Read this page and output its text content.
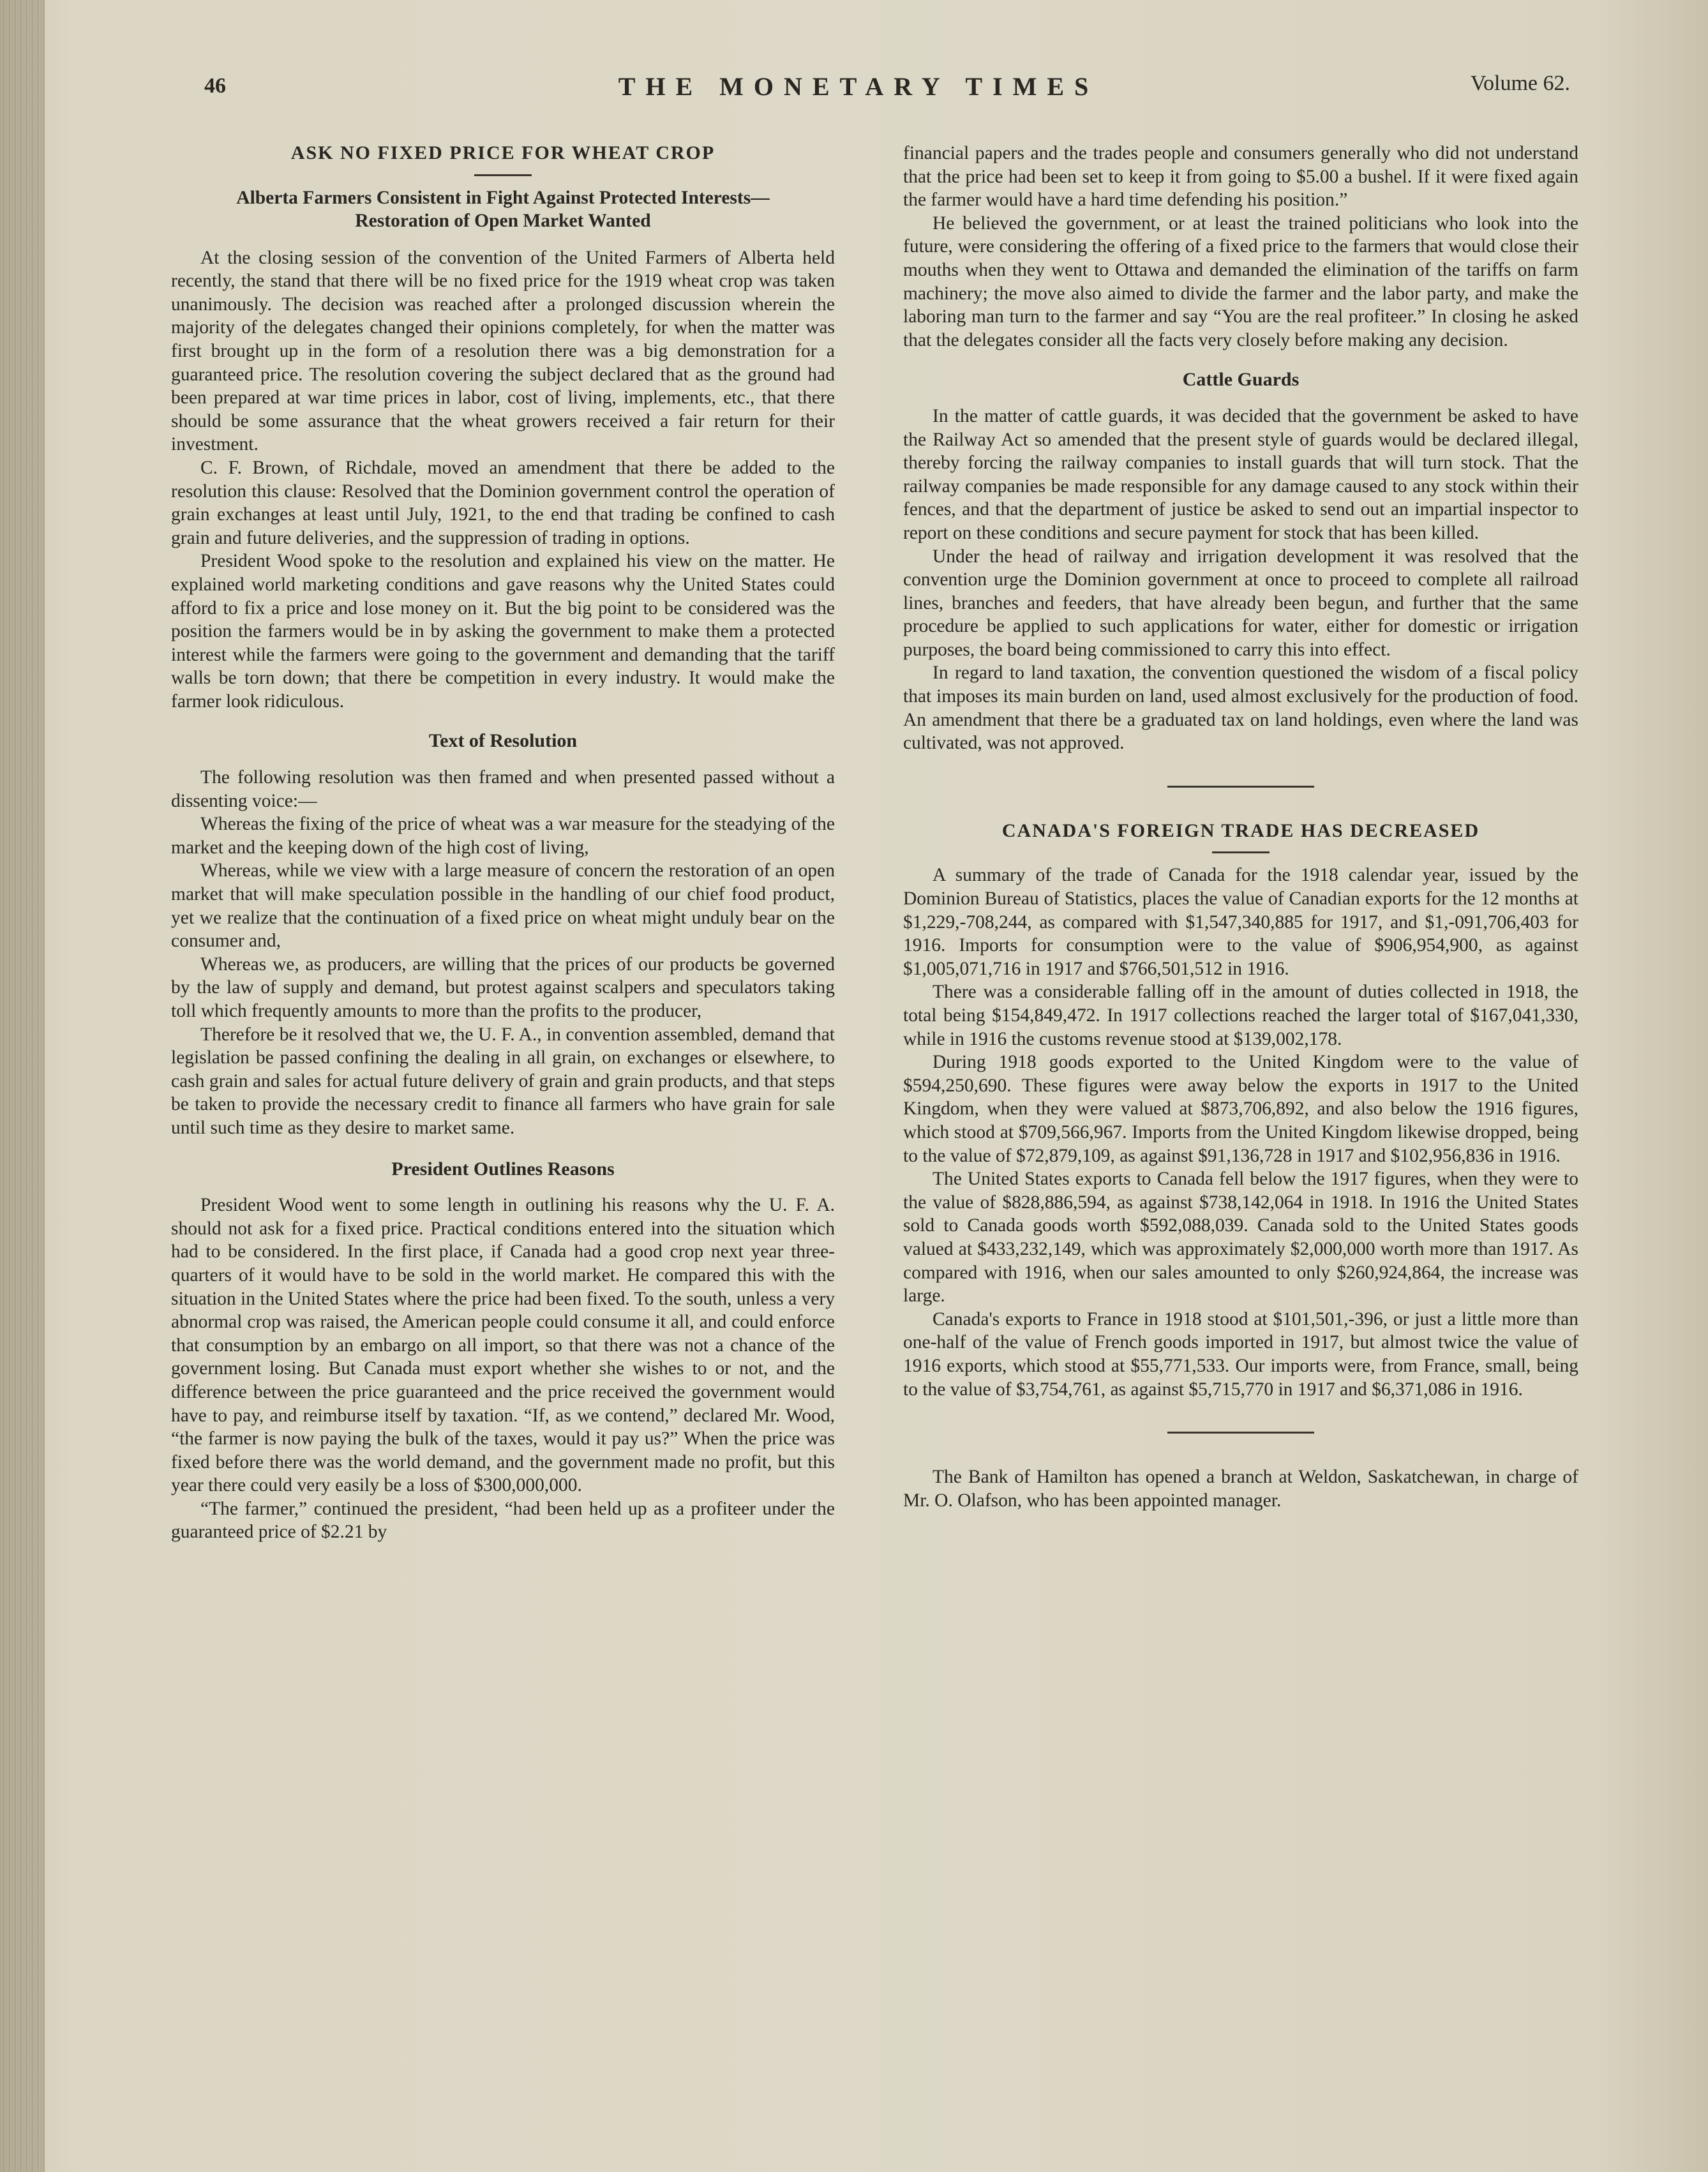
46	THE MONETARY TIMES	Volume 62.
ASK NO FIXED PRICE FOR WHEAT CROP
Alberta Farmers Consistent in Fight Against Protected Interests—Restoration of Open Market Wanted

At the closing session of the convention of the United Farmers of Alberta held recently, the stand that there will be no fixed price for the 1919 wheat crop was taken unanimously. The decision was reached after a prolonged discussion wherein the majority of the delegates changed their opinions completely, for when the matter was first brought up in the form of a resolution there was a big demonstration for a guaranteed price. The resolution covering the subject declared that as the ground had been prepared at war time prices in labor, cost of living, implements, etc., that there should be some assurance that the wheat growers received a fair return for their investment.

C. F. Brown, of Richdale, moved an amendment that there be added to the resolution this clause: Resolved that the Dominion government control the operation of grain exchanges at least until July, 1921, to the end that trading be confined to cash grain and future deliveries, and the suppression of trading in options.

President Wood spoke to the resolution and explained his view on the matter. He explained world marketing conditions and gave reasons why the United States could afford to fix a price and lose money on it. But the big point to be considered was the position the farmers would be in by asking the government to make them a protected interest while the farmers were going to the government and demanding that the tariff walls be torn down; that there be competition in every industry. It would make the farmer look ridiculous.

Text of Resolution

The following resolution was then framed and when presented passed without a dissenting voice:—

Whereas the fixing of the price of wheat was a war measure for the steadying of the market and the keeping down of the high cost of living,

Whereas, while we view with a large measure of concern the restoration of an open market that will make speculation possible in the handling of our chief food product, yet we realize that the continuation of a fixed price on wheat might unduly bear on the consumer and,

Whereas we, as producers, are willing that the prices of our products be governed by the law of supply and demand, but protest against scalpers and speculators taking toll which frequently amounts to more than the profits to the producer,

Therefore be it resolved that we, the U. F. A., in convention assembled, demand that legislation be passed confining the dealing in all grain, on exchanges or elsewhere, to cash grain and sales for actual future delivery of grain and grain products, and that steps be taken to provide the necessary credit to finance all farmers who have grain for sale until such time as they desire to market same.

President Outlines Reasons

President Wood went to some length in outlining his reasons why the U. F. A. should not ask for a fixed price. Practical conditions entered into the situation which had to be considered. In the first place, if Canada had a good crop next year three-quarters of it would have to be sold in the world market. He compared this with the situation in the United States where the price had been fixed. To the south, unless a very abnormal crop was raised, the American people could consume it all, and could enforce that consumption by an embargo on all import, so that there was not a chance of the government losing. But Canada must export whether she wishes to or not, and the difference between the price guaranteed and the price received the government would have to pay, and reimburse itself by taxation. “If, as we contend,” declared Mr. Wood, “the farmer is now paying the bulk of the taxes, would it pay us?” When the price was fixed before there was the world demand, and the government made no profit, but this year there could very easily be a loss of $300,000,000.

“The farmer,” continued the president, “had been held up as a profiteer under the guaranteed price of $2.21 by

financial papers and the trades people and consumers generally who did not understand that the price had been set to keep it from going to $5.00 a bushel. If it were fixed again the farmer would have a hard time defending his position.”

He believed the government, or at least the trained politicians who look into the future, were considering the offering of a fixed price to the farmers that would close their mouths when they went to Ottawa and demanded the elimination of the tariffs on farm machinery; the move also aimed to divide the farmer and the labor party, and make the laboring man turn to the farmer and say “You are the real profiteer.” In closing he asked that the delegates consider all the facts very closely before making any decision.

Cattle Guards

In the matter of cattle guards, it was decided that the government be asked to have the Railway Act so amended that the present style of guards would be declared illegal, thereby forcing the railway companies to install guards that will turn stock. That the railway companies be made responsible for any damage caused to any stock within their fences, and that the department of justice be asked to send out an impartial inspector to report on these conditions and secure payment for stock that has been killed.

Under the head of railway and irrigation development it was resolved that the convention urge the Dominion government at once to proceed to complete all railroad lines, branches and feeders, that have already been begun, and further that the same procedure be applied to such applications for water, either for domestic or irrigation purposes, the board being commissioned to carry this into effect.

In regard to land taxation, the convention questioned the wisdom of a fiscal policy that imposes its main burden on land, used almost exclusively for the production of food. An amendment that there be a graduated tax on land holdings, even where the land was cultivated, was not approved.

CANADA'S FOREIGN TRADE HAS DECREASED

A summary of the trade of Canada for the 1918 calendar year, issued by the Dominion Bureau of Statistics, places the value of Canadian exports for the 12 months at $1,229,-708,244, as compared with $1,547,340,885 for 1917, and $1,-091,706,403 for 1916. Imports for consumption were to the value of $906,954,900, as against $1,005,071,716 in 1917 and $766,501,512 in 1916.

There was a considerable falling off in the amount of duties collected in 1918, the total being $154,849,472. In 1917 collections reached the larger total of $167,041,330, while in 1916 the customs revenue stood at $139,002,178.

During 1918 goods exported to the United Kingdom were to the value of $594,250,690. These figures were away below the exports in 1917 to the United Kingdom, when they were valued at $873,706,892, and also below the 1916 figures, which stood at $709,566,967. Imports from the United Kingdom likewise dropped, being to the value of $72,879,109, as against $91,136,728 in 1917 and $102,956,836 in 1916.

The United States exports to Canada fell below the 1917 figures, when they were to the value of $828,886,594, as against $738,142,064 in 1918. In 1916 the United States sold to Canada goods worth $592,088,039. Canada sold to the United States goods valued at $433,232,149, which was approximately $2,000,000 worth more than 1917. As compared with 1916, when our sales amounted to only $260,924,864, the increase was large.

Canada's exports to France in 1918 stood at $101,501,-396, or just a little more than one-half of the value of French goods imported in 1917, but almost twice the value of 1916 exports, which stood at $55,771,533. Our imports were, from France, small, being to the value of $3,754,761, as against $5,715,770 in 1917 and $6,371,086 in 1916.

The Bank of Hamilton has opened a branch at Weldon, Saskatchewan, in charge of Mr. O. Olafson, who has been appointed manager.
